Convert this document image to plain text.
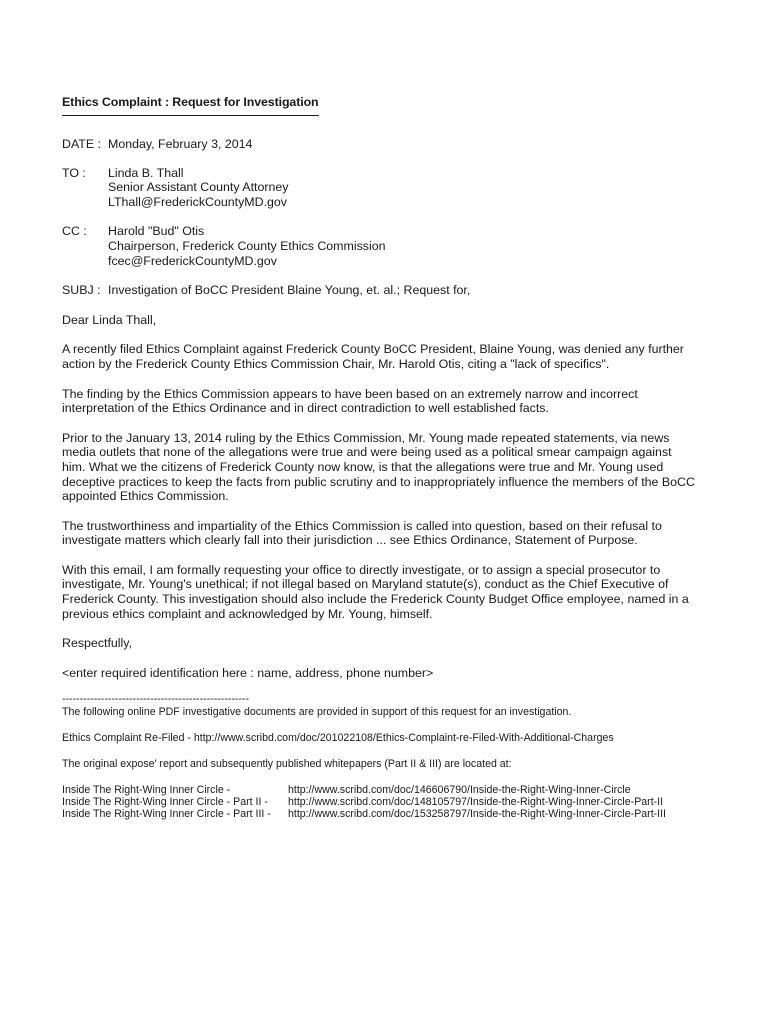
Ethics Complaint : Request for Investigation
DATE : Monday, February 3, 2014
TO :	Linda B. Thall
Senior Assistant County Attorney
LThall@FrederickCountyMD.gov
CC :	Harold "Bud" Otis
Chairperson, Frederick County Ethics Commission
fcec@FrederickCountyMD.gov
SUBJ : Investigation of BoCC President Blaine Young, et. al.; Request for,

Dear Linda Thall,

A recently filed Ethics Complaint against Frederick County BoCC President, Blaine Young, was denied any further
action by the Frederick County Ethics Commission Chair, Mr. Harold Otis, citing a "lack of specifics".
The finding by the Ethics Commission appears to have been based on an extremely narrow and incorrect
interpretation of the Ethics Ordinance and in direct contradiction to well established facts.
Prior to the January 13, 2014 ruling by the Ethics Commission, Mr. Young made repeated statements, via news
media outlets that none of the allegations were true and were being used as a political smear campaign against
him. What we the citizens of Frederick County now know, is that the allegations were true and Mr. Young used
deceptive practices to keep the facts from public scrutiny and to inappropriately influence the members of the BoCC
appointed Ethics Commission.
The trustworthiness and impartiality of the Ethics Commission is called into question, based on their refusal to
investigate matters which clearly fall into their jurisdiction ... see Ethics Ordinance, Statement of Purpose.
With this email, I am formally requesting your office to directly investigate, or to assign a special prosecutor to
investigate, Mr. Young's unethical; if not illegal based on Maryland statute(s), conduct as the Chief Executive of
Frederick County. This investigation should also include the Frederick County Budget Office employee, named in a
previous ethics complaint and acknowledged by Mr. Young, himself.

Respectfully,

<enter required identification here : name, address, phone number>

-----------------------------------------------------

The following online PDF investigative documents are provided in support of this request for an investigation.

Ethics Complaint Re-Filed - http://www.scribd.com/doc/201022108/Ethics-Complaint-re-Filed-With-Additional-Charges

The original expose' report and subsequently published whitepapers (Part II & III) are located at:

Inside The Right-Wing Inner Circle -	http://www.scribd.com/doc/146606790/Inside-the-Right-Wing-Inner-Circle
Inside The Right-Wing Inner Circle - Part II -	http://www.scribd.com/doc/148105797/Inside-the-Right-Wing-Inner-Circle-Part-II
Inside The Right-Wing Inner Circle - Part III -	http://www.scribd.com/doc/153258797/Inside-the-Right-Wing-Inner-Circle-Part-III
